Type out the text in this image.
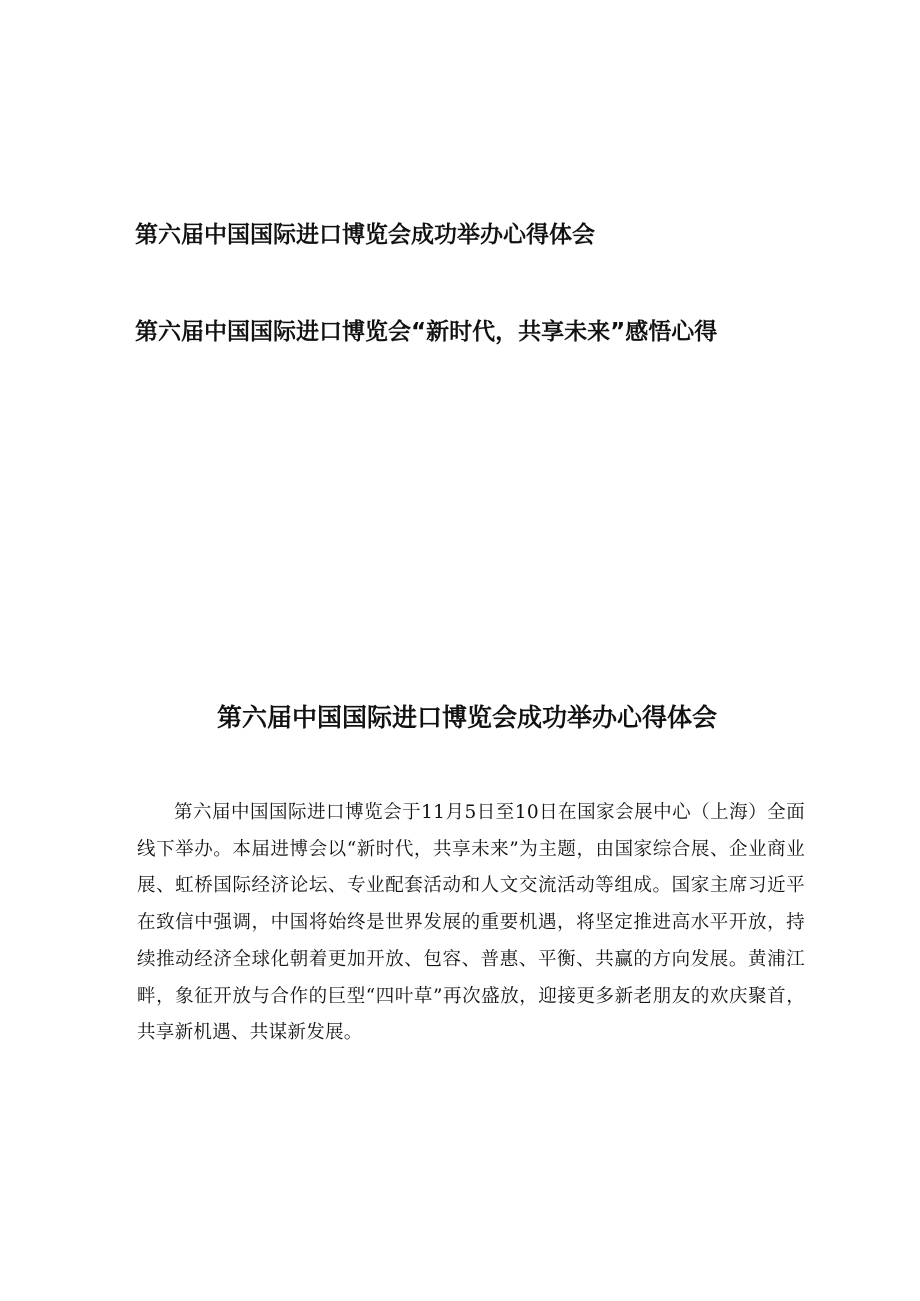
第六届中国国际进口博览会成功举办心得体会
第六届中国国际进口博览会“新时代，共享未来”感悟心得
第六届中国国际进口博览会成功举办心得体会

第六届中国国际进口博览会于11月5日至10日在国家会展中心（上海）全面线下举办。本届进博会以“新时代，共享未来”为主题，由国家综合展、企业商业展、虹桥国际经济论坛、专业配套活动和人文交流活动等组成。国家主席习近平在致信中强调，中国将始终是世界发展的重要机遇，将坚定推进高水平开放，持续推动经济全球化朝着更加开放、包容、普惠、平衡、共赢的方向发展。黄浦江畔，象征开放与合作的巨型“四叶草”再次盛放，迎接更多新老朋友的欢庆聚首，共享新机遇、共谋新发展。
